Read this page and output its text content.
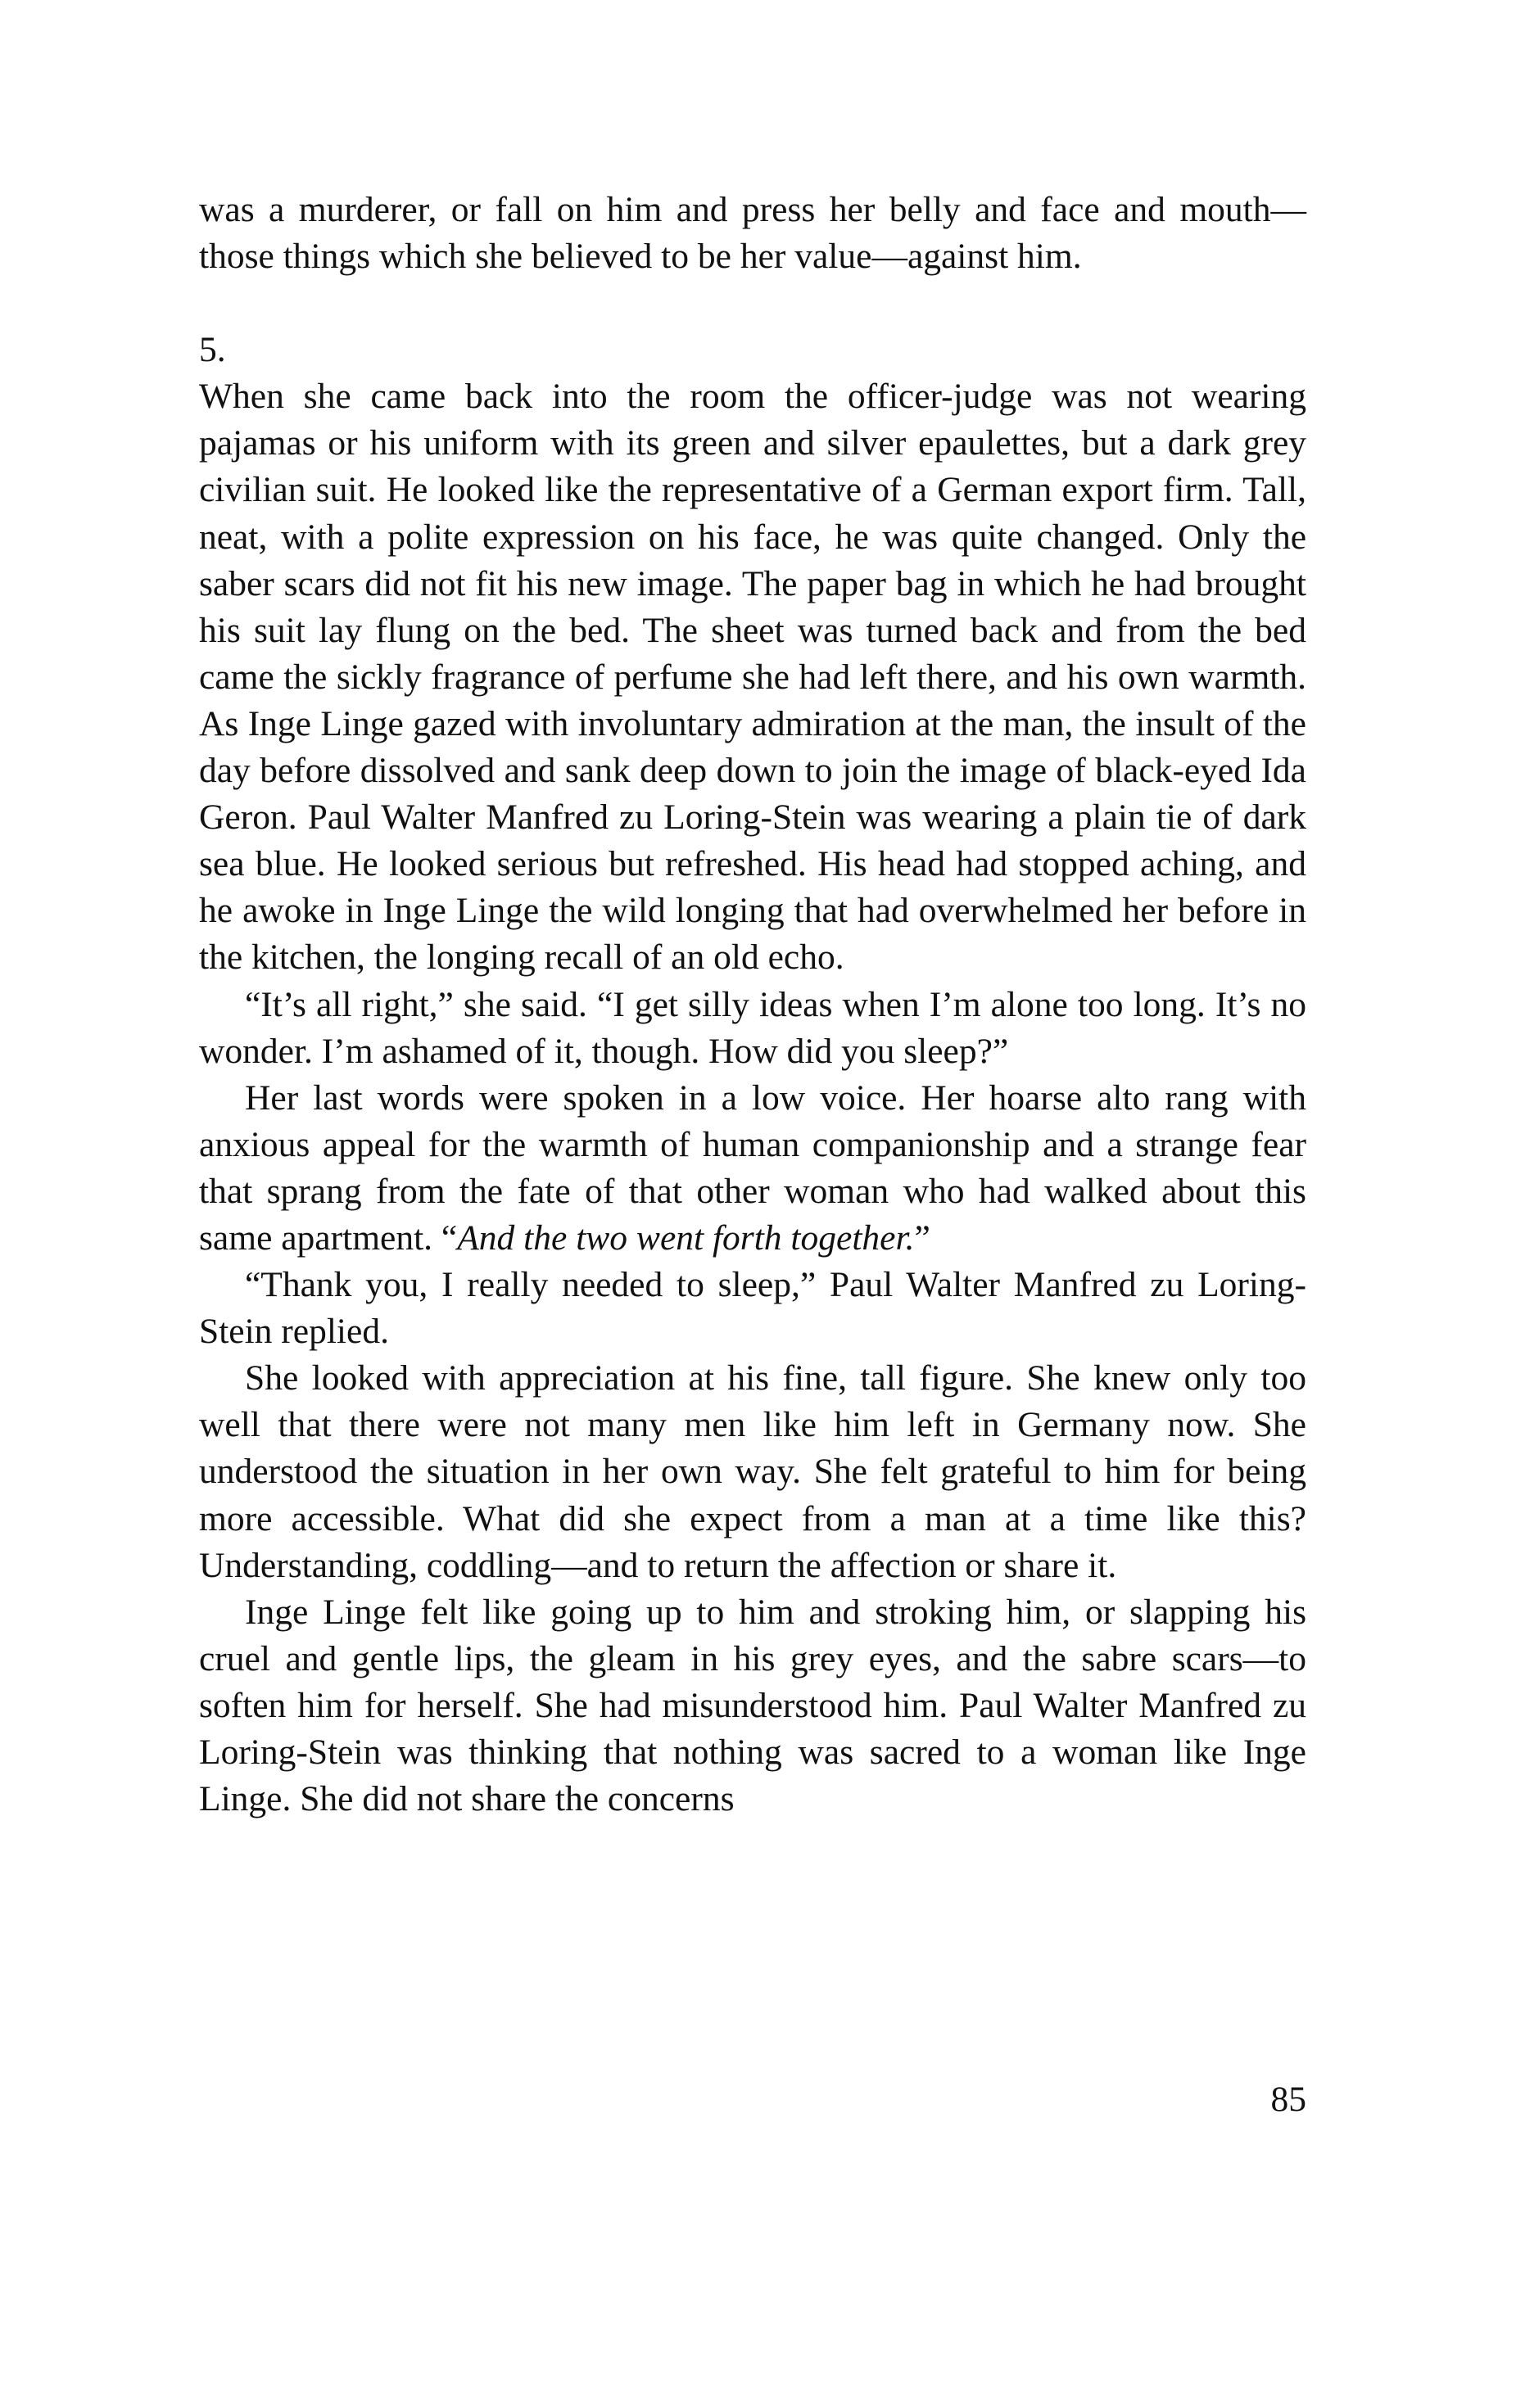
was a murderer, or fall on him and press her belly and face and mouth—those things which she believed to be her value—against him.

5.

When she came back into the room the officer-judge was not wearing pajamas or his uniform with its green and silver epaulettes, but a dark grey civilian suit. He looked like the representative of a German export firm. Tall, neat, with a polite expression on his face, he was quite changed. Only the saber scars did not fit his new image. The paper bag in which he had brought his suit lay flung on the bed. The sheet was turned back and from the bed came the sickly fragrance of perfume she had left there, and his own warmth. As Inge Linge gazed with involuntary admiration at the man, the insult of the day before dissolved and sank deep down to join the image of black-eyed Ida Geron. Paul Walter Manfred zu Loring-Stein was wearing a plain tie of dark sea blue. He looked serious but refreshed. His head had stopped aching, and he awoke in Inge Linge the wild longing that had overwhelmed her before in the kitchen, the longing recall of an old echo.

“It’s all right,” she said. “I get silly ideas when I’m alone too long. It’s no wonder. I’m ashamed of it, though. How did you sleep?”

Her last words were spoken in a low voice. Her hoarse alto rang with anxious appeal for the warmth of human companionship and a strange fear that sprang from the fate of that other woman who had walked about this same apartment. “And the two went forth together.”

“Thank you, I really needed to sleep,” Paul Walter Manfred zu Loring-Stein replied.

She looked with appreciation at his fine, tall figure. She knew only too well that there were not many men like him left in Germany now. She understood the situation in her own way. She felt grateful to him for being more accessible. What did she expect from a man at a time like this? Understanding, coddling—and to return the affection or share it.

Inge Linge felt like going up to him and stroking him, or slapping his cruel and gentle lips, the gleam in his grey eyes, and the sabre scars—to soften him for herself. She had misunderstood him. Paul Walter Manfred zu Loring-Stein was thinking that nothing was sacred to a woman like Inge Linge. She did not share the concerns

85
